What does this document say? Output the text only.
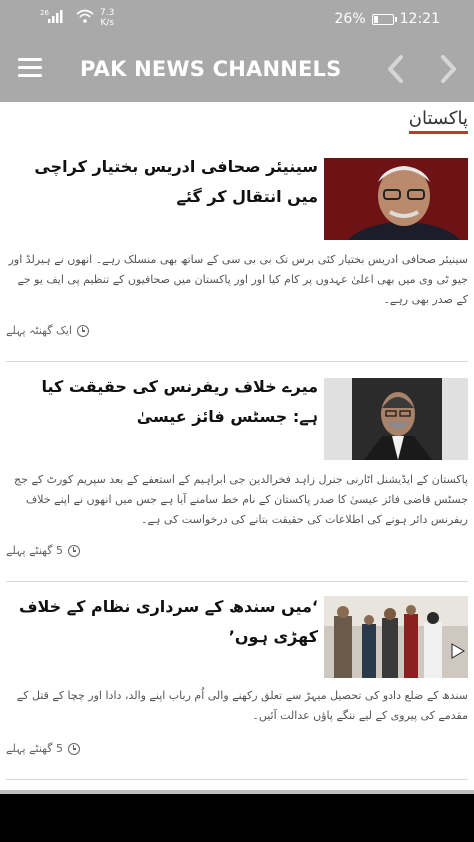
26	7.3
K/s	26% 12:21
PAK NEWS CHANNELS
پاکستان
سینیئر صحافی ادریس بختیار کراچی میں انتقال کر گئے
سینیئر صحافی ادریس بختیار کئی برس تک بی بی سی کے ساتھ بھی منسلک رہے۔ انھوں نے ہیرلڈ اور جیو ٹی وی میں بھی اعلیٰ عہدوں پر کام کیا اور اور پاکستان میں صحافیوں کے تنظیم پی ایف یو جے کے صدر بھی رہے۔
ایک گھنٹہ پہلے
میرے خلاف ریفرنس کی حقیقت کیا ہے: جسٹس فائز عیسیٰ
پاکستان کے ایڈیشنل اٹارنی جنرل زاہد فخرالدین جی ابراہیم کے استعفے کے بعد سپریم کورٹ کے جج جسٹس قاضی فائز عیسیٰ کا صدر پاکستان کے نام خط سامنے آیا ہے جس میں انھوں نے اپنے خلاف ریفرنس دائر ہونے کی اطلاعات کی حقیقت بتانے کی درخواست کی ہے۔
5 گھنٹے پہلے
‘میں سندھ کے سرداری نظام کے خلاف کھڑی ہوں’
سندھ کے ضلع دادو کی تحصیل میہڑ سے تعلق رکھنے والی اُم رباب اپنے والد، دادا اور چچا کے قتل کے مقدمے کی پیروی کے لیے ننگے پاؤں عدالت آئیں۔
5 گھنٹے پہلے
